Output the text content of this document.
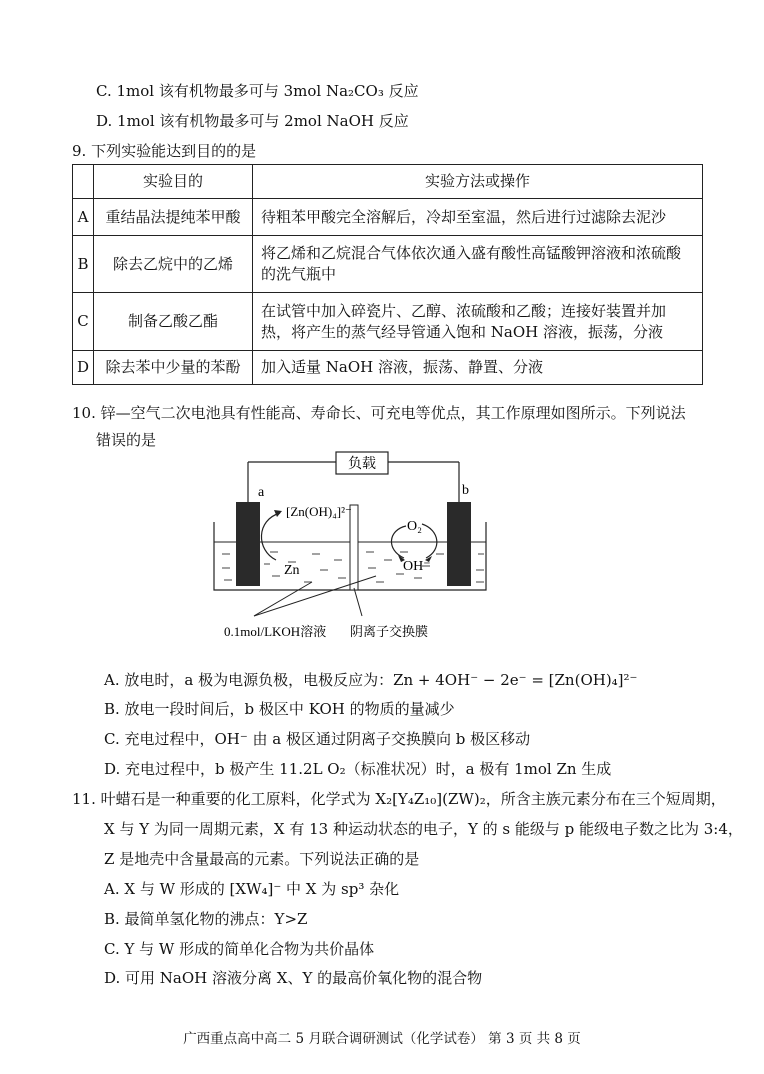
C. 1mol 该有机物最多可与 3mol Na₂CO₃ 反应
D. 1mol 该有机物最多可与 2mol NaOH 反应
9. 下列实验能达到目的的是
	实验目的	实验方法或操作
A	重结晶法提纯苯甲酸	待粗苯甲酸完全溶解后，冷却至室温，然后进行过滤除去泥沙
B	除去乙烷中的乙烯	将乙烯和乙烷混合气体依次通入盛有酸性高锰酸钾溶液和浓硫酸的洗气瓶中
C	制备乙酸乙酯	在试管中加入碎瓷片、乙醇、浓硫酸和乙酸；连接好装置并加热，将产生的蒸气经导管通入饱和 NaOH 溶液，振荡，分液
D	除去苯中少量的苯酚	加入适量 NaOH 溶液，振荡、静置、分液
10. 锌—空气二次电池具有性能高、寿命长、可充电等优点，其工作原理如图所示。下列说法
错误的是
负载
a	b
[Zn(OH)₄]²⁻
Zn
O₂
OH⁻
0.1mol/LKOH溶液 阴离子交换膜
A. 放电时，a 极为电源负极，电极反应为：Zn + 4OH⁻ − 2e⁻ = [Zn(OH)₄]²⁻
B. 放电一段时间后，b 极区中 KOH 的物质的量减少
C. 充电过程中，OH⁻ 由 a 极区通过阴离子交换膜向 b 极区移动
D. 充电过程中，b 极产生 11.2L O₂（标准状况）时，a 极有 1mol Zn 生成
11. 叶蜡石是一种重要的化工原料，化学式为 X₂[Y₄Z₁₀](ZW)₂，所含主族元素分布在三个短周期，
X 与 Y 为同一周期元素，X 有 13 种运动状态的电子，Y 的 s 能级与 p 能级电子数之比为 3:4，
Z 是地壳中含量最高的元素。下列说法正确的是
A. X 与 W 形成的 [XW₄]⁻ 中 X 为 sp³ 杂化
B. 最简单氢化物的沸点：Y>Z
C. Y 与 W 形成的简单化合物为共价晶体
D. 可用 NaOH 溶液分离 X、Y 的最高价氧化物的混合物
广西重点高中高二 5 月联合调研测试（化学试卷） 第 3 页 共 8 页
